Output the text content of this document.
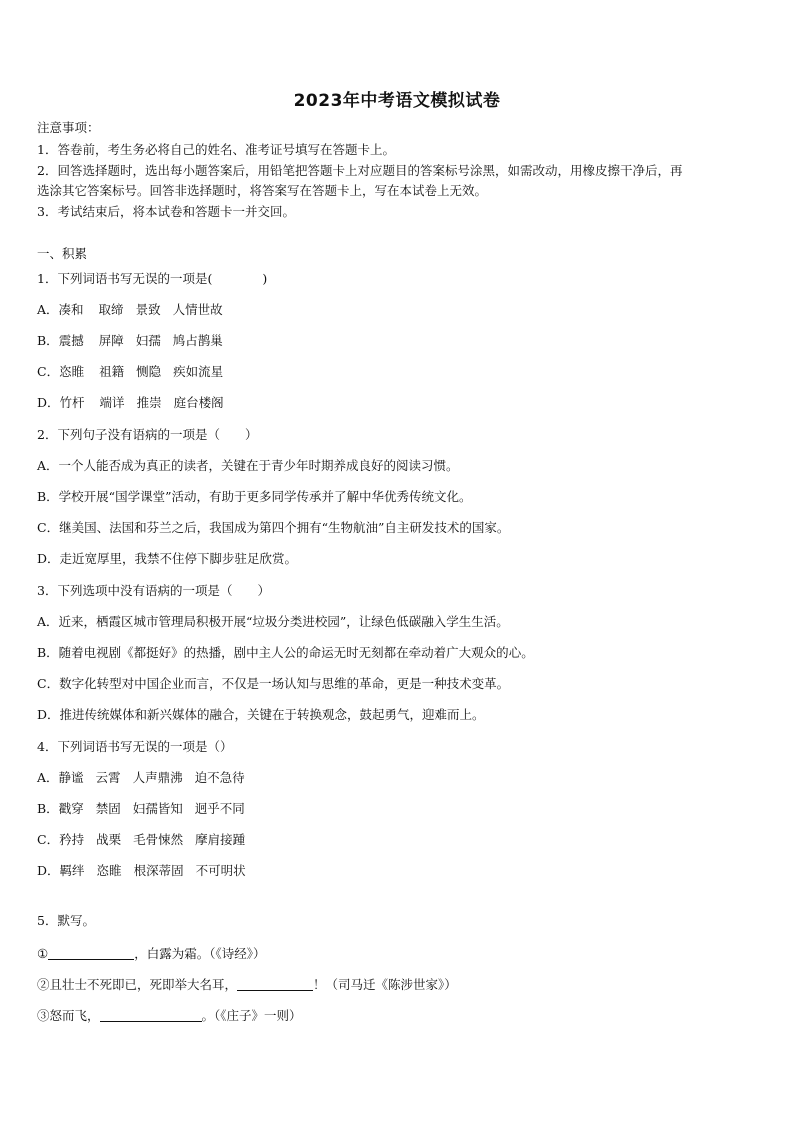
2023年中考语文模拟试卷
注意事项：
1．答卷前，考生务必将自己的姓名、准考证号填写在答题卡上。
2．回答选择题时，选出每小题答案后，用铅笔把答题卡上对应题目的答案标号涂黑，如需改动，用橡皮擦干净后，再
选涂其它答案标号。回答非选择题时，将答案写在答题卡上，写在本试卷上无效。
3．考试结束后，将本试卷和答题卡一并交回。
一、积累
1．下列词语书写无误的一项是(　　　　)
A．凑和 取缔 景致 人情世故
B．震撼 屏障 妇孺 鸠占鹊巢
C．恣睢 祖籍 恻隐 疾如流星
D．竹杆 端详 推崇 庭台楼阁
2．下列句子没有语病的一项是（　　）
A．一个人能否成为真正的读者，关键在于青少年时期养成良好的阅读习惯。
B．学校开展“国学课堂”活动，有助于更多同学传承并了解中华优秀传统文化。
C．继美国、法国和芬兰之后，我国成为第四个拥有“生物航油”自主研发技术的国家。
D．走近宽厚里，我禁不住停下脚步驻足欣赏。
3．下列选项中没有语病的一项是（　　）
A．近来，栖霞区城市管理局积极开展“垃圾分类进校园”，让绿色低碳融入学生生活。
B．随着电视剧《都挺好》的热播，剧中主人公的命运无时无刻都在牵动着广大观众的心。
C．数字化转型对中国企业而言，不仅是一场认知与思维的革命，更是一种技术变革。
D．推进传统媒体和新兴媒体的融合，关键在于转换观念，鼓起勇气，迎难而上。
4．下列词语书写无误的一项是（）
A．静谧 云霄 人声鼎沸 迫不急待
B．戳穿 禁固 妇孺皆知 迥乎不同
C．矜持 战栗 毛骨悚然 摩肩接踵
D．羁绊 恣睢 根深蒂固 不可明状
5．默写。
①	，白露为霜。（《诗经》）
②且壮士不死即已，死即举大名耳，	！（司马迁《陈涉世家》）
③怒而飞，	。（《庄子》一则）
